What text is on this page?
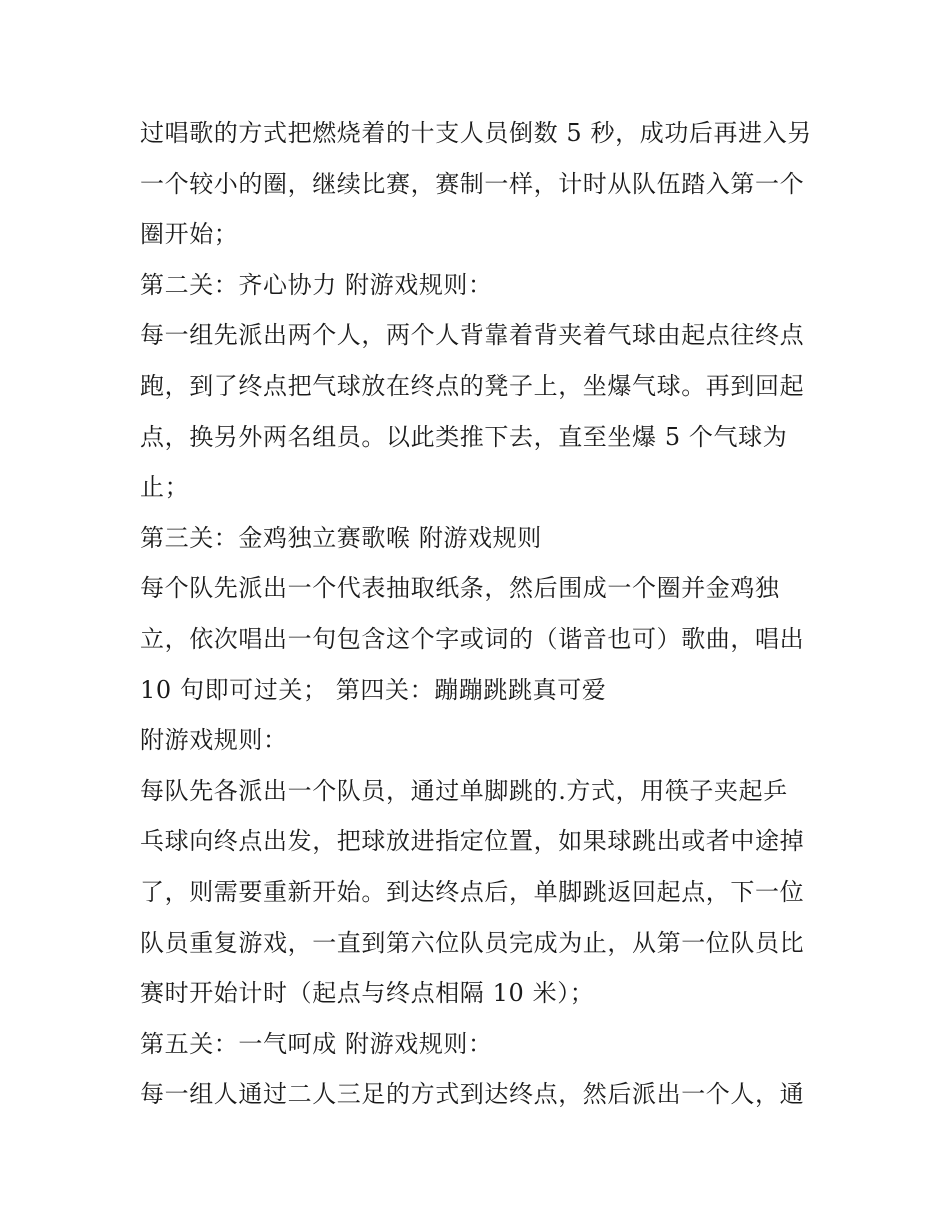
过唱歌的方式把燃烧着的十支人员倒数 5 秒，成功后再进入另
一个较小的圈，继续比赛，赛制一样，计时从队伍踏入第一个
圈开始；
第二关：齐心协力 附游戏规则：
每一组先派出两个人，两个人背靠着背夹着气球由起点往终点
跑，到了终点把气球放在终点的凳子上，坐爆气球。再到回起
点，换另外两名组员。以此类推下去，直至坐爆 5 个气球为
止；
第三关：金鸡独立赛歌喉 附游戏规则
每个队先派出一个代表抽取纸条，然后围成一个圈并金鸡独
立，依次唱出一句包含这个字或词的（谐音也可）歌曲，唱出
10 句即可过关； 第四关：蹦蹦跳跳真可爱
附游戏规则：
每队先各派出一个队员，通过单脚跳的.方式，用筷子夹起乒
乓球向终点出发，把球放进指定位置，如果球跳出或者中途掉
了，则需要重新开始。到达终点后，单脚跳返回起点，下一位
队员重复游戏，一直到第六位队员完成为止，从第一位队员比
赛时开始计时（起点与终点相隔 10 米）；
第五关：一气呵成 附游戏规则：
每一组人通过二人三足的方式到达终点，然后派出一个人，通
